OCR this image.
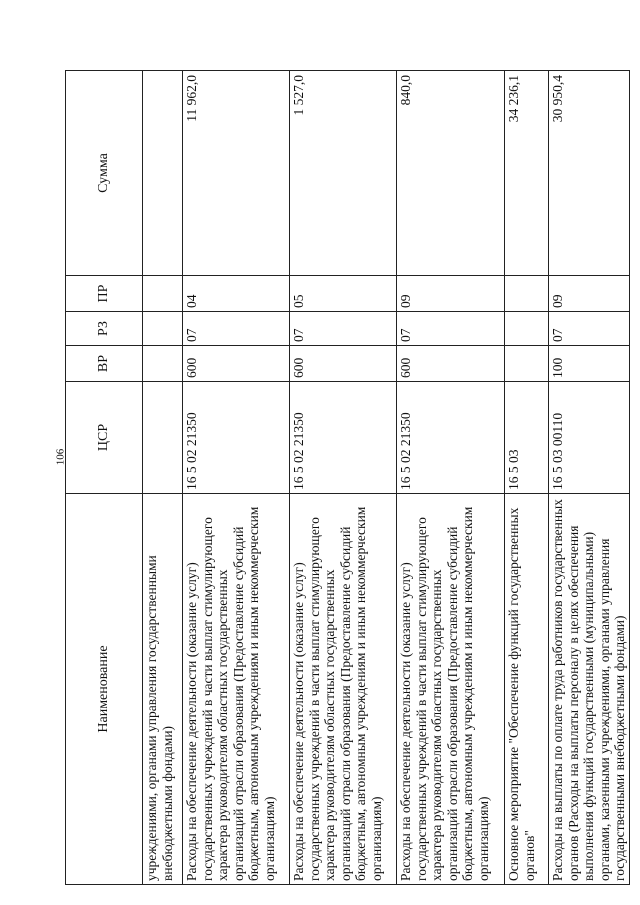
106
Наименование	ЦСР	ВР	РЗ	ПР	Сумма
учреждениями, органами управления государственными внебюджетными фондами)					
Расходы на обеспечение деятельности (оказание услуг) государственных учреждений в части выплат стимулирующего характера руководителям областных государственных организаций отрасли образования (Предоставление субсидий бюджетным, автономным учреждениям и иным некоммерческим организациям)	16 5 02 21350	600	07	04	11 962,0
Расходы на обеспечение деятельности (оказание услуг) государственных учреждений в части выплат стимулирующего характера руководителям областных государственных организаций отрасли образования (Предоставление субсидий бюджетным, автономным учреждениям и иным некоммерческим организациям)	16 5 02 21350	600	07	05	1 527,0
Расходы на обеспечение деятельности (оказание услуг) государственных учреждений в части выплат стимулирующего характера руководителям областных государственных организаций отрасли образования (Предоставление субсидий бюджетным, автономным учреждениям и иным некоммерческим организациям)	16 5 02 21350	600	07	09	840,0
Основное мероприятие "Обеспечение функций государственных органов"	16 5 03				34 236,1
Расходы на выплаты по оплате труда работников государственных органов (Расходы на выплаты персоналу в целях обеспечения выполнения функций государственными (муниципальными) органами, казенными учреждениями, органами управления государственными внебюджетными фондами)	16 5 03 00110	100	07	09	30 950,4
